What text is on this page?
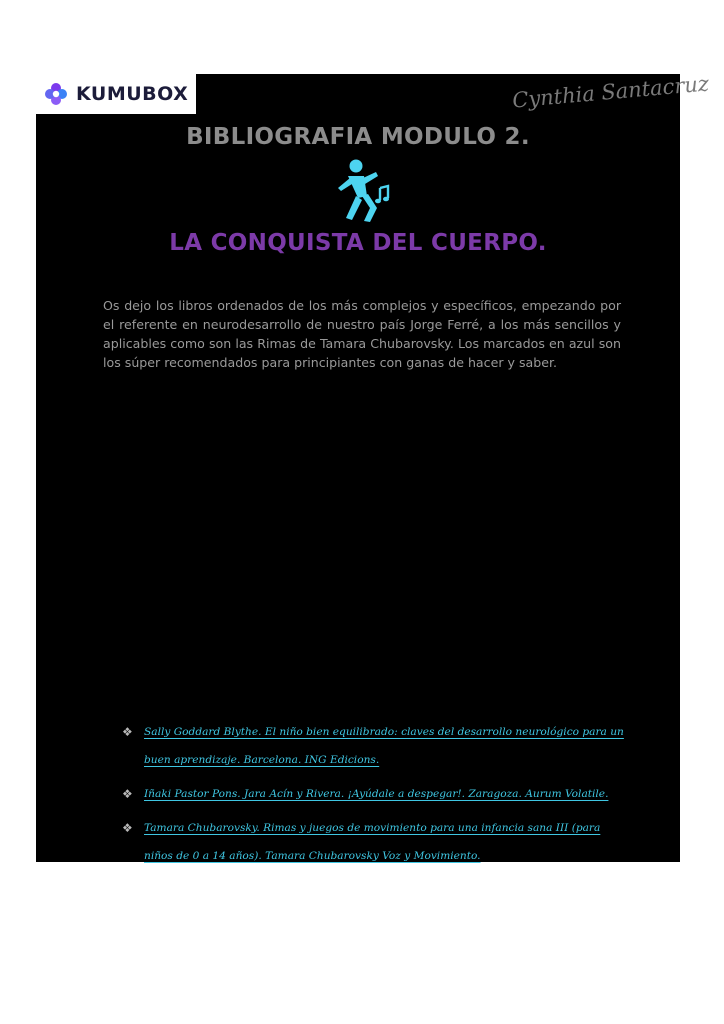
KUMUBOX	Cynthia Santacruz
BIBLIOGRAFIA MODULO 2.
LA CONQUISTA DEL CUERPO.

Os dejo los libros ordenados de los más complejos y específicos, empezando por el referente en neurodesarrollo de nuestro país Jorge Ferré, a los más sencillos y aplicables como son las Rimas de Tamara Chubarovsky. Los marcados en azul son los súper recomendados para principiantes con ganas de hacer y saber.

❖	Sally Goddard Blythe. El niño bien equilibrado: claves del desarrollo neurológico para un buen aprendizaje. Barcelona. ING Edicions.
❖	Iñaki Pastor Pons. Jara Acín y Rivera. ¡Ayúdale a despegar!. Zaragoza. Aurum Volatile.
❖	Tamara Chubarovsky. Rimas y juegos de movimiento para una infancia sana III (para niños de 0 a 14 años). Tamara Chubarovsky Voz y Movimiento.
